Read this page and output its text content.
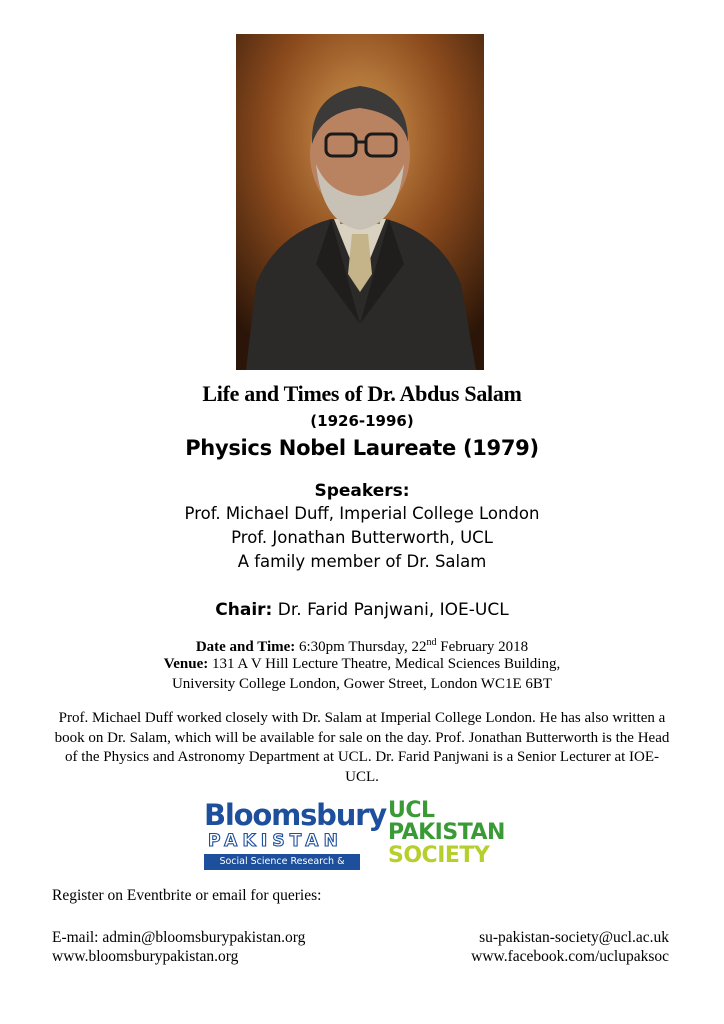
Life and Times of Dr. Abdus Salam
(1926-1996)
Physics Nobel Laureate (1979)
Speakers:
Prof. Michael Duff, Imperial College London
Prof. Jonathan Butterworth, UCL
A family member of Dr. Salam
Chair: Dr. Farid Panjwani, IOE-UCL
Date and Time: 6:30pm Thursday, 22nd February 2018
Venue: 131 A V Hill Lecture Theatre, Medical Sciences Building,
University College London, Gower Street, London WC1E 6BT
Prof. Michael Duff worked closely with Dr. Salam at Imperial College London. He has also written a book on Dr. Salam, which will be available for sale on the day. Prof. Jonathan Butterworth is the Head of the Physics and Astronomy Department at UCL. Dr. Farid Panjwani is a Senior Lecturer at IOE-UCL.
Bloomsbury
PAKISTAN
Social Science Research & Advocacy
UCL
PAKISTAN
SOCIETY
Register on Eventbrite or email for queries:
E-mail: admin@bloomsburypakistan.org
www.bloomsburypakistan.org
su-pakistan-society@ucl.ac.uk
www.facebook.com/uclupaksoc
